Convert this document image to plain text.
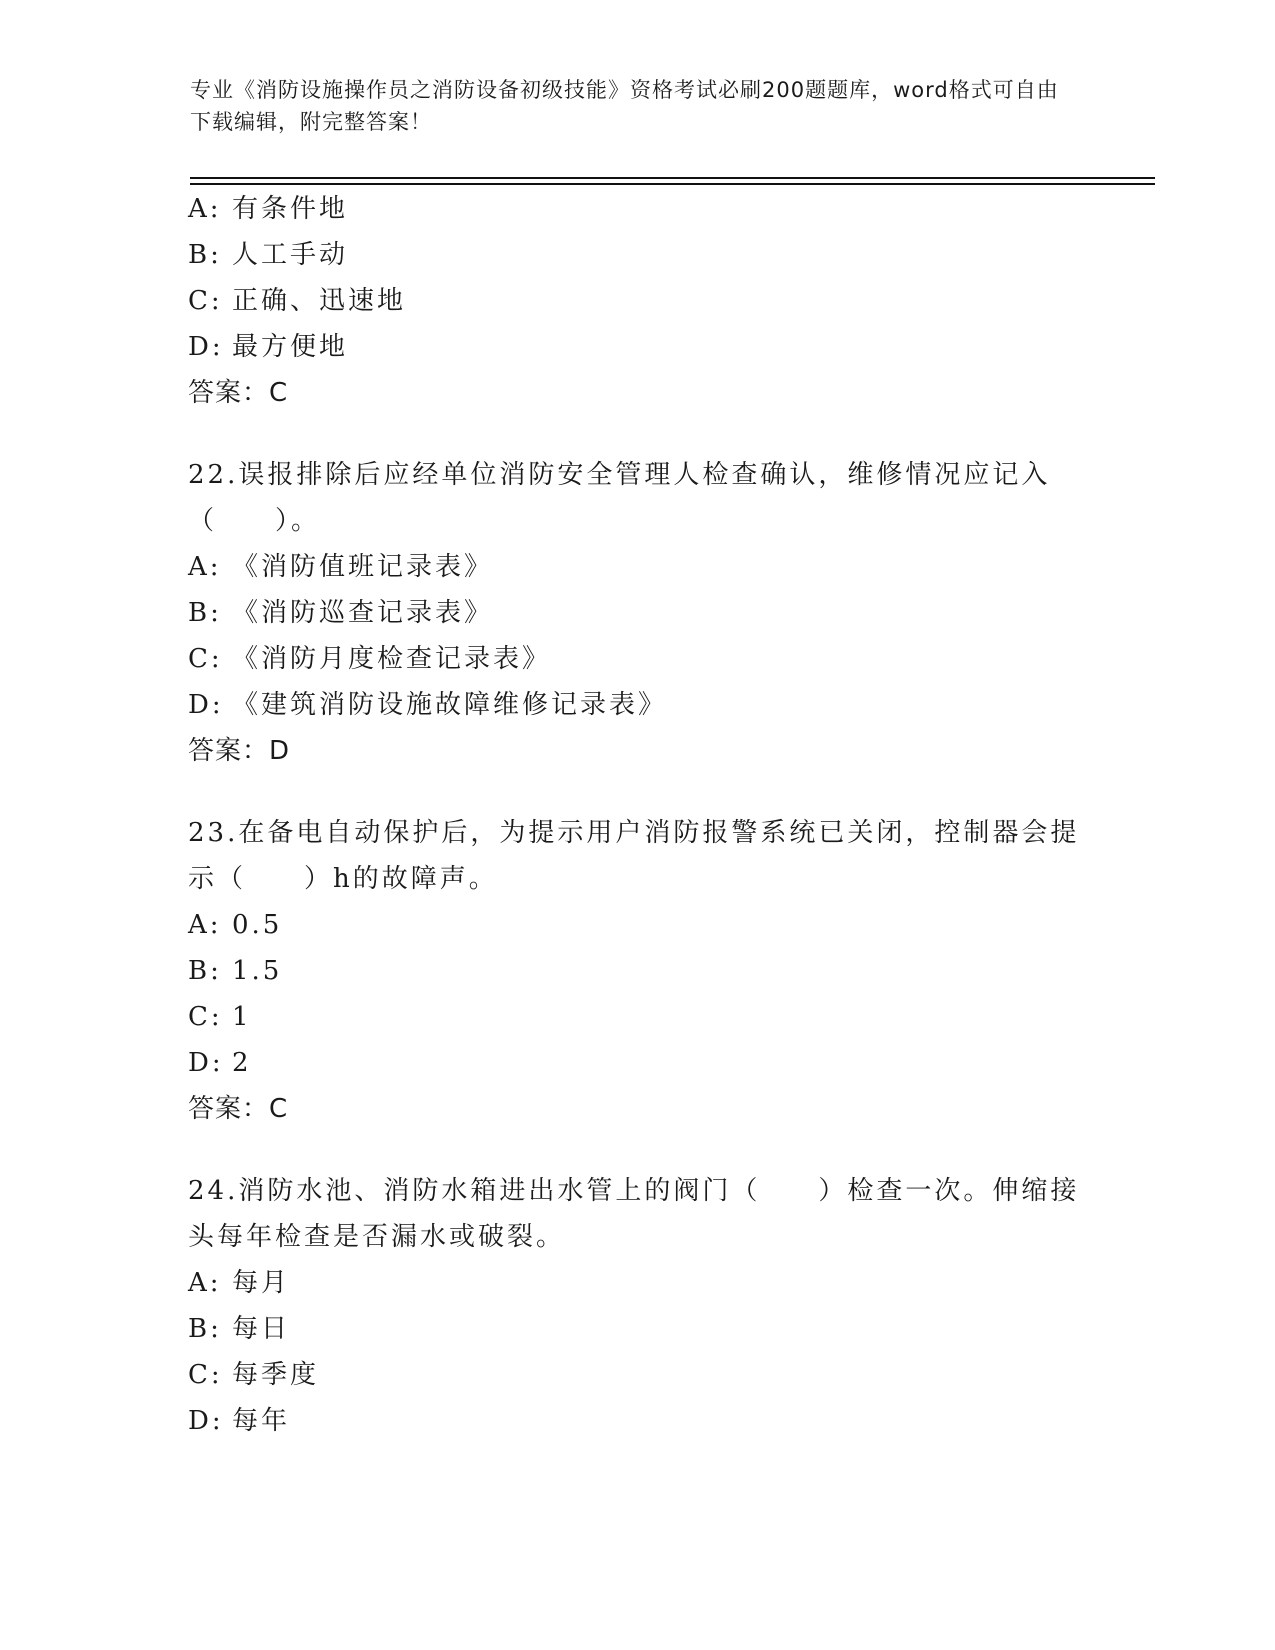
专业《消防设施操作员之消防设备初级技能》资格考试必刷200题题库，word格式可自由下载编辑，附完整答案！
A: 有条件地
B: 人工手动
C: 正确、迅速地
D: 最方便地
答案：C

22.误报排除后应经单位消防安全管理人检查确认，维修情况应记入（　　）。

A: 《消防值班记录表》
B: 《消防巡查记录表》
C: 《消防月度检查记录表》
D: 《建筑消防设施故障维修记录表》
答案：D

23.在备电自动保护后，为提示用户消防报警系统已关闭，控制器会提示（　　）h的故障声。

A: 0.5
B: 1.5
C: 1
D: 2
答案：C

24.消防水池、消防水箱进出水管上的阀门（　　）检查一次。伸缩接头每年检查是否漏水或破裂。

A: 每月
B: 每日
C: 每季度
D: 每年
